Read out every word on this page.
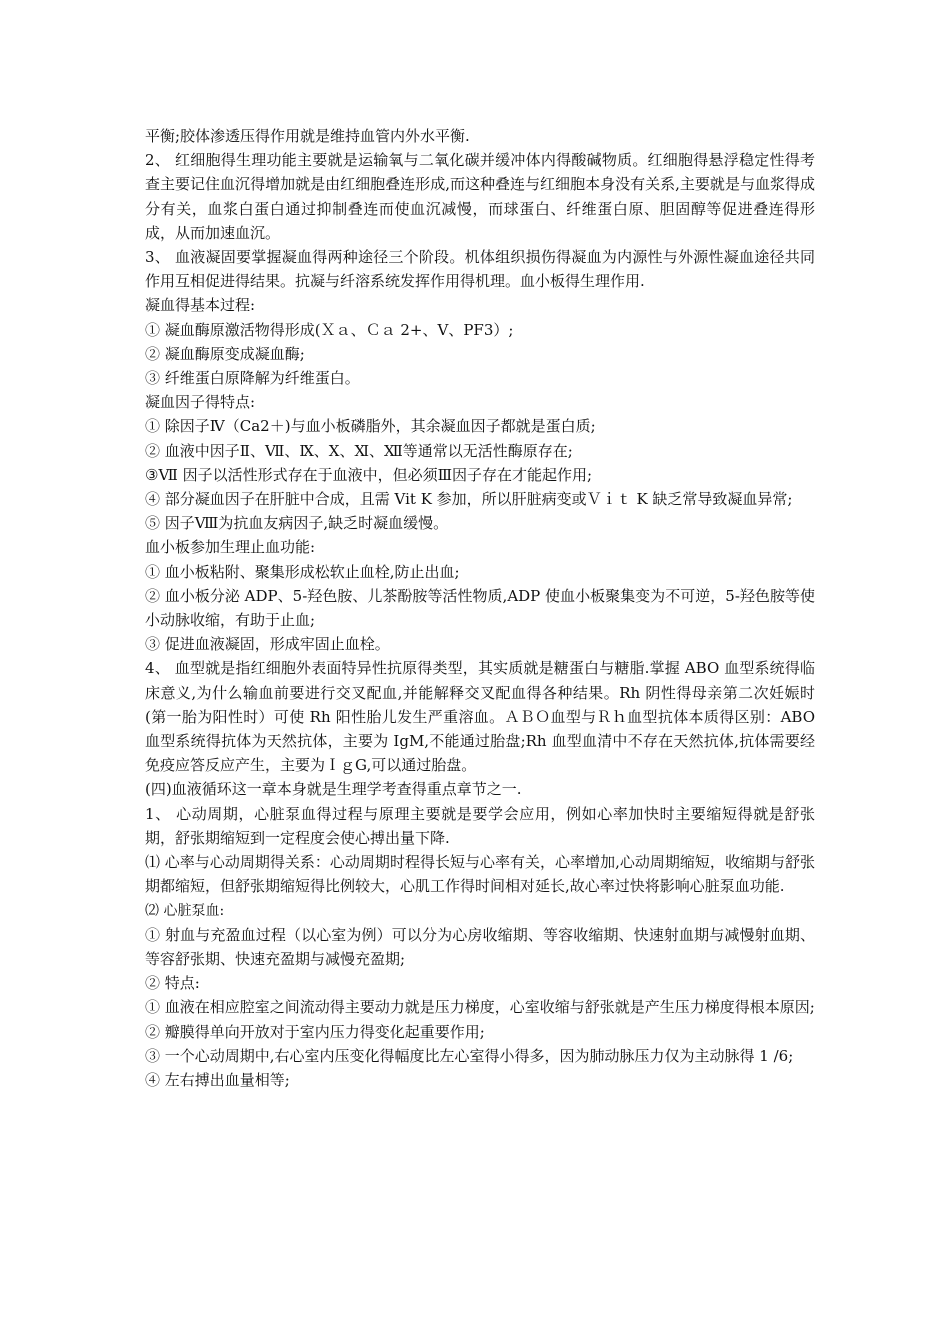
平衡;胶体渗透压得作用就是维持血管内外水平衡.

2、 红细胞得生理功能主要就是运输氧与二氧化碳并缓冲体内得酸碱物质。红细胞得悬浮稳定性得考查主要记住血沉得增加就是由红细胞叠连形成,而这种叠连与红细胞本身没有关系,主要就是与血浆得成分有关，血浆白蛋白通过抑制叠连而使血沉减慢，而球蛋白、纤维蛋白原、胆固醇等促进叠连得形成，从而加速血沉。

3、 血液凝固要掌握凝血得两种途径三个阶段。机体组织损伤得凝血为内源性与外源性凝血途径共同作用互相促进得结果。抗凝与纤溶系统发挥作用得机理。血小板得生理作用.

凝血得基本过程:

① 凝血酶原激活物得形成(Ｘａ、Ｃａ 2+、V、PF3）;

② 凝血酶原变成凝血酶;

③ 纤维蛋白原降解为纤维蛋白。

凝血因子得特点:

① 除因子Ⅳ（Ca2＋)与血小板磷脂外，其余凝血因子都就是蛋白质;

② 血液中因子Ⅱ、Ⅶ、Ⅸ、Ⅹ、Ⅺ、Ⅻ等通常以无活性酶原存在;

③Ⅶ 因子以活性形式存在于血液中，但必须Ⅲ因子存在才能起作用;

④ 部分凝血因子在肝脏中合成，且需 Vit K 参加，所以肝脏病变或Ｖｉｔ K 缺乏常导致凝血异常;

⑤ 因子Ⅷ为抗血友病因子,缺乏时凝血缓慢。

血小板参加生理止血功能:

① 血小板粘附、聚集形成松软止血栓,防止出血;

② 血小板分泌 ADP、5-羟色胺、儿茶酚胺等活性物质,ADP 使血小板聚集变为不可逆，5-羟色胺等使小动脉收缩，有助于止血;

③ 促进血液凝固，形成牢固止血栓。

4、 血型就是指红细胞外表面特异性抗原得类型，其实质就是糖蛋白与糖脂.掌握 ABO 血型系统得临床意义,为什么输血前要进行交叉配血,并能解释交叉配血得各种结果。Rh 阴性得母亲第二次妊娠时(第一胎为阳性时）可使 Rh 阳性胎儿发生严重溶血。ＡＢＯ血型与Ｒｈ血型抗体本质得区别：ABO 血型系统得抗体为天然抗体，主要为 IgM,不能通过胎盘;Rh 血型血清中不存在天然抗体,抗体需要经免疫应答反应产生，主要为ＩｇG,可以通过胎盘。

(四)血液循环这一章本身就是生理学考查得重点章节之一.

1、 心动周期，心脏泵血得过程与原理主要就是要学会应用，例如心率加快时主要缩短得就是舒张期，舒张期缩短到一定程度会使心搏出量下降.

⑴ 心率与心动周期得关系：心动周期时程得长短与心率有关，心率增加,心动周期缩短，收缩期与舒张期都缩短，但舒张期缩短得比例较大，心肌工作得时间相对延长,故心率过快将影响心脏泵血功能.

⑵ 心脏泵血:

① 射血与充盈血过程（以心室为例）可以分为心房收缩期、等容收缩期、快速射血期与减慢射血期、等容舒张期、快速充盈期与减慢充盈期;

② 特点:

① 血液在相应腔室之间流动得主要动力就是压力梯度，心室收缩与舒张就是产生压力梯度得根本原因;

② 瓣膜得单向开放对于室内压力得变化起重要作用;

③ 一个心动周期中,右心室内压变化得幅度比左心室得小得多，因为肺动脉压力仅为主动脉得 1 /6;

④ 左右搏出血量相等;
